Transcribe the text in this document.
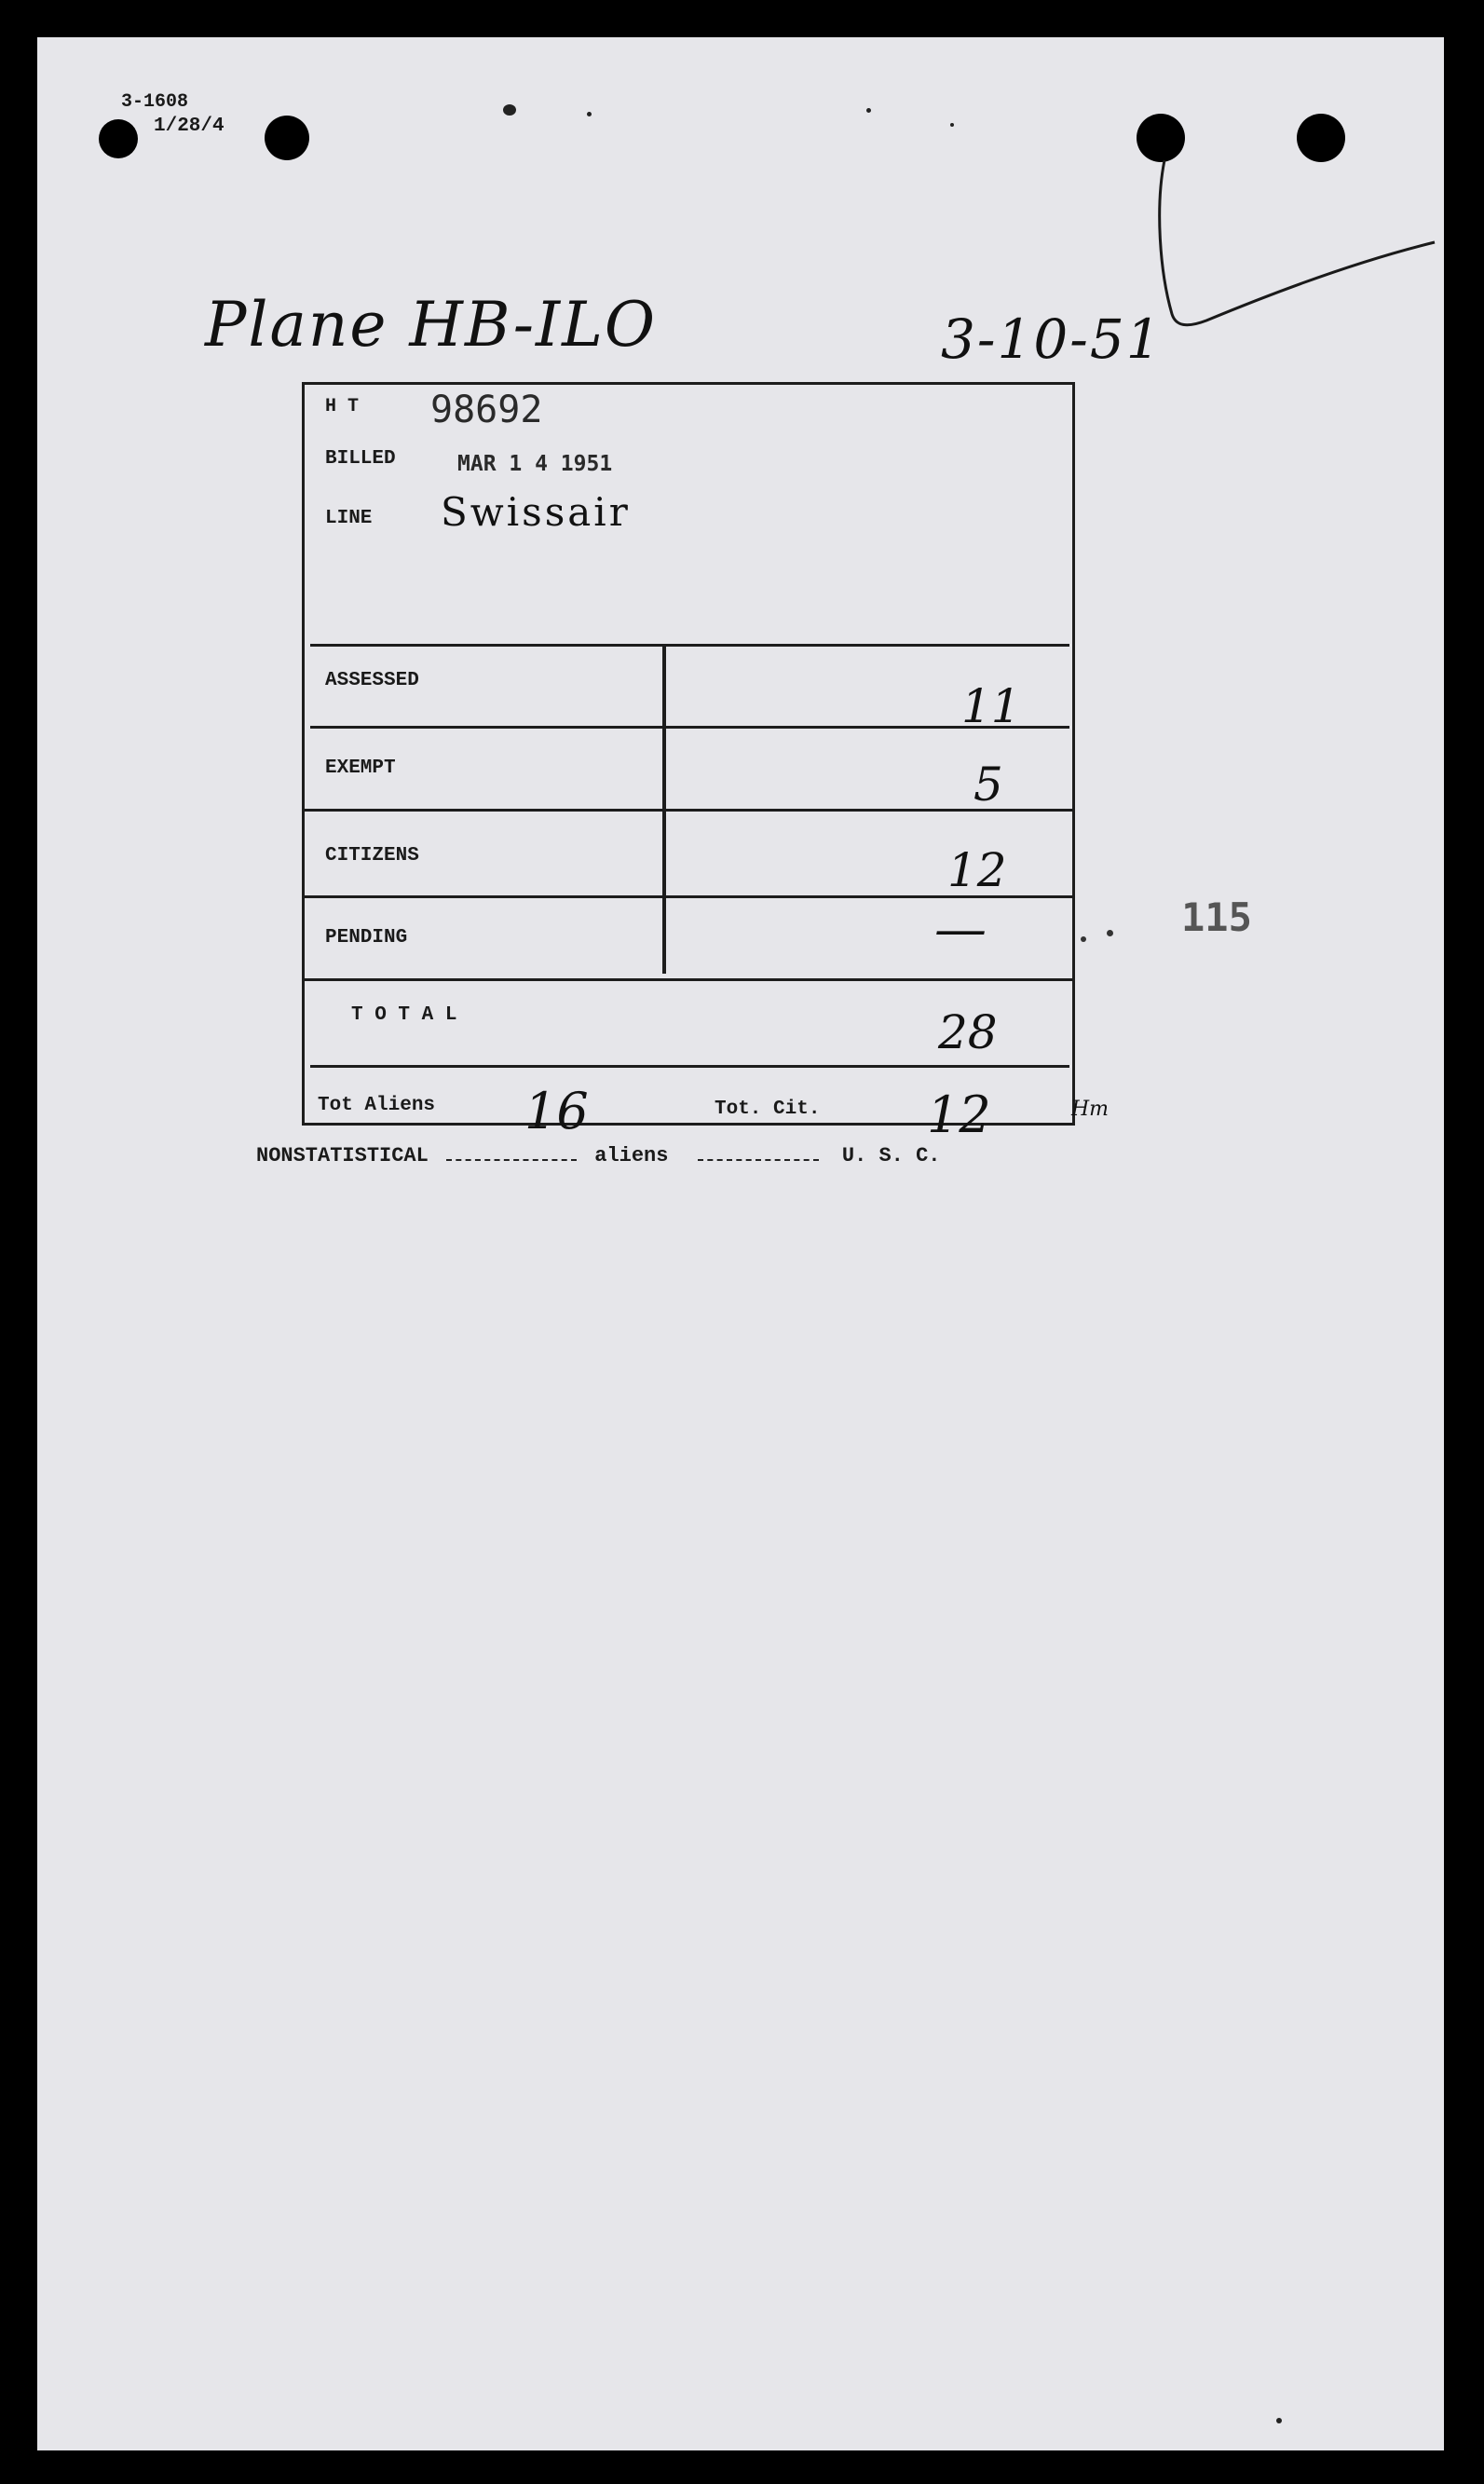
3-1608
1/28/4
Plane HB-ILO	3-10-51
H T 98692
BILLED	MAR 1 4 1951
LINE Swissair
ASSESSED	11
EXEMPT	5
CITIZENS	12
PENDING	—
T O T A L	28
Tot Aliens 16	Tot. Cit. 12	Hm
115
NONSTATISTICAL	aliens	U. S. C.
